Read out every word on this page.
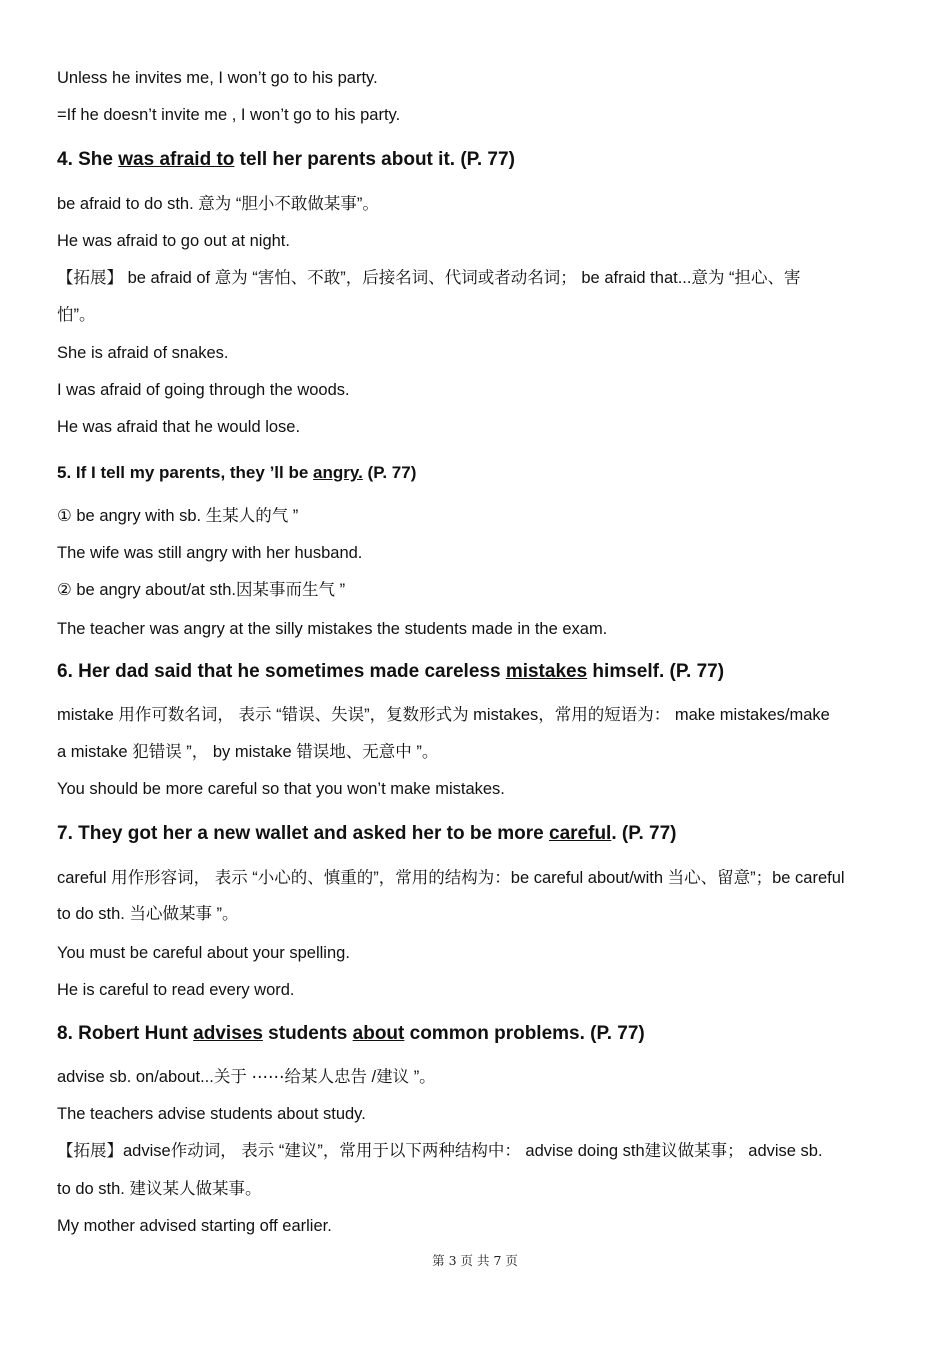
Unless he invites me, I won’t go to his party.
=If he doesn’t invite me , I won’t go to his party.
4. She was afraid to tell her parents about it. (P. 77)
be afraid to do sth. 意为 “胆小不敢做某事”。
He was afraid to go out at night.
【拓展】 be afraid of 意为 “害怕、不敢”，后接名词、代词或者动名词； be afraid that...意为 “担心、害
怕”。
She is afraid of snakes.
I was afraid of going through the woods.
He was afraid that he would lose.
5. If I tell my parents, they ’ll be angry. (P. 77)
① be angry with sb. 生某人的气 ”
The wife was still angry with her husband.
② be angry about/at sth.因某事而生气 ”
The teacher was angry at the silly mistakes the students made in the exam.
6. Her dad said that he sometimes made careless mistakes himself. (P. 77)
mistake 用作可数名词， 表示 “错误、失误”，复数形式为 mistakes，常用的短语为： make mistakes/make
a mistake 犯错误 ”， by mistake 错误地、无意中 ”。
You should be more careful so that you won’t make mistakes.
7. They got her a new wallet and asked her to be more careful. (P. 77)
careful 用作形容词， 表示 “小心的、慎重的”，常用的结构为：be careful about/with 当心、留意”；be careful
to do sth. 当心做某事 ”。
You must be careful about your spelling.
He is careful to read every word.
8. Robert Hunt advises students about common problems. (P. 77)
advise sb. on/about...关于 ⋯⋯给某人忠告 /建议 ”。
The teachers advise students about study.
【拓展】advise作动词， 表示 “建议”，常用于以下两种结构中： advise doing sth建议做某事； advise sb.
to do sth. 建议某人做某事。
My mother advised starting off earlier.
第 3 页 共 7 页
